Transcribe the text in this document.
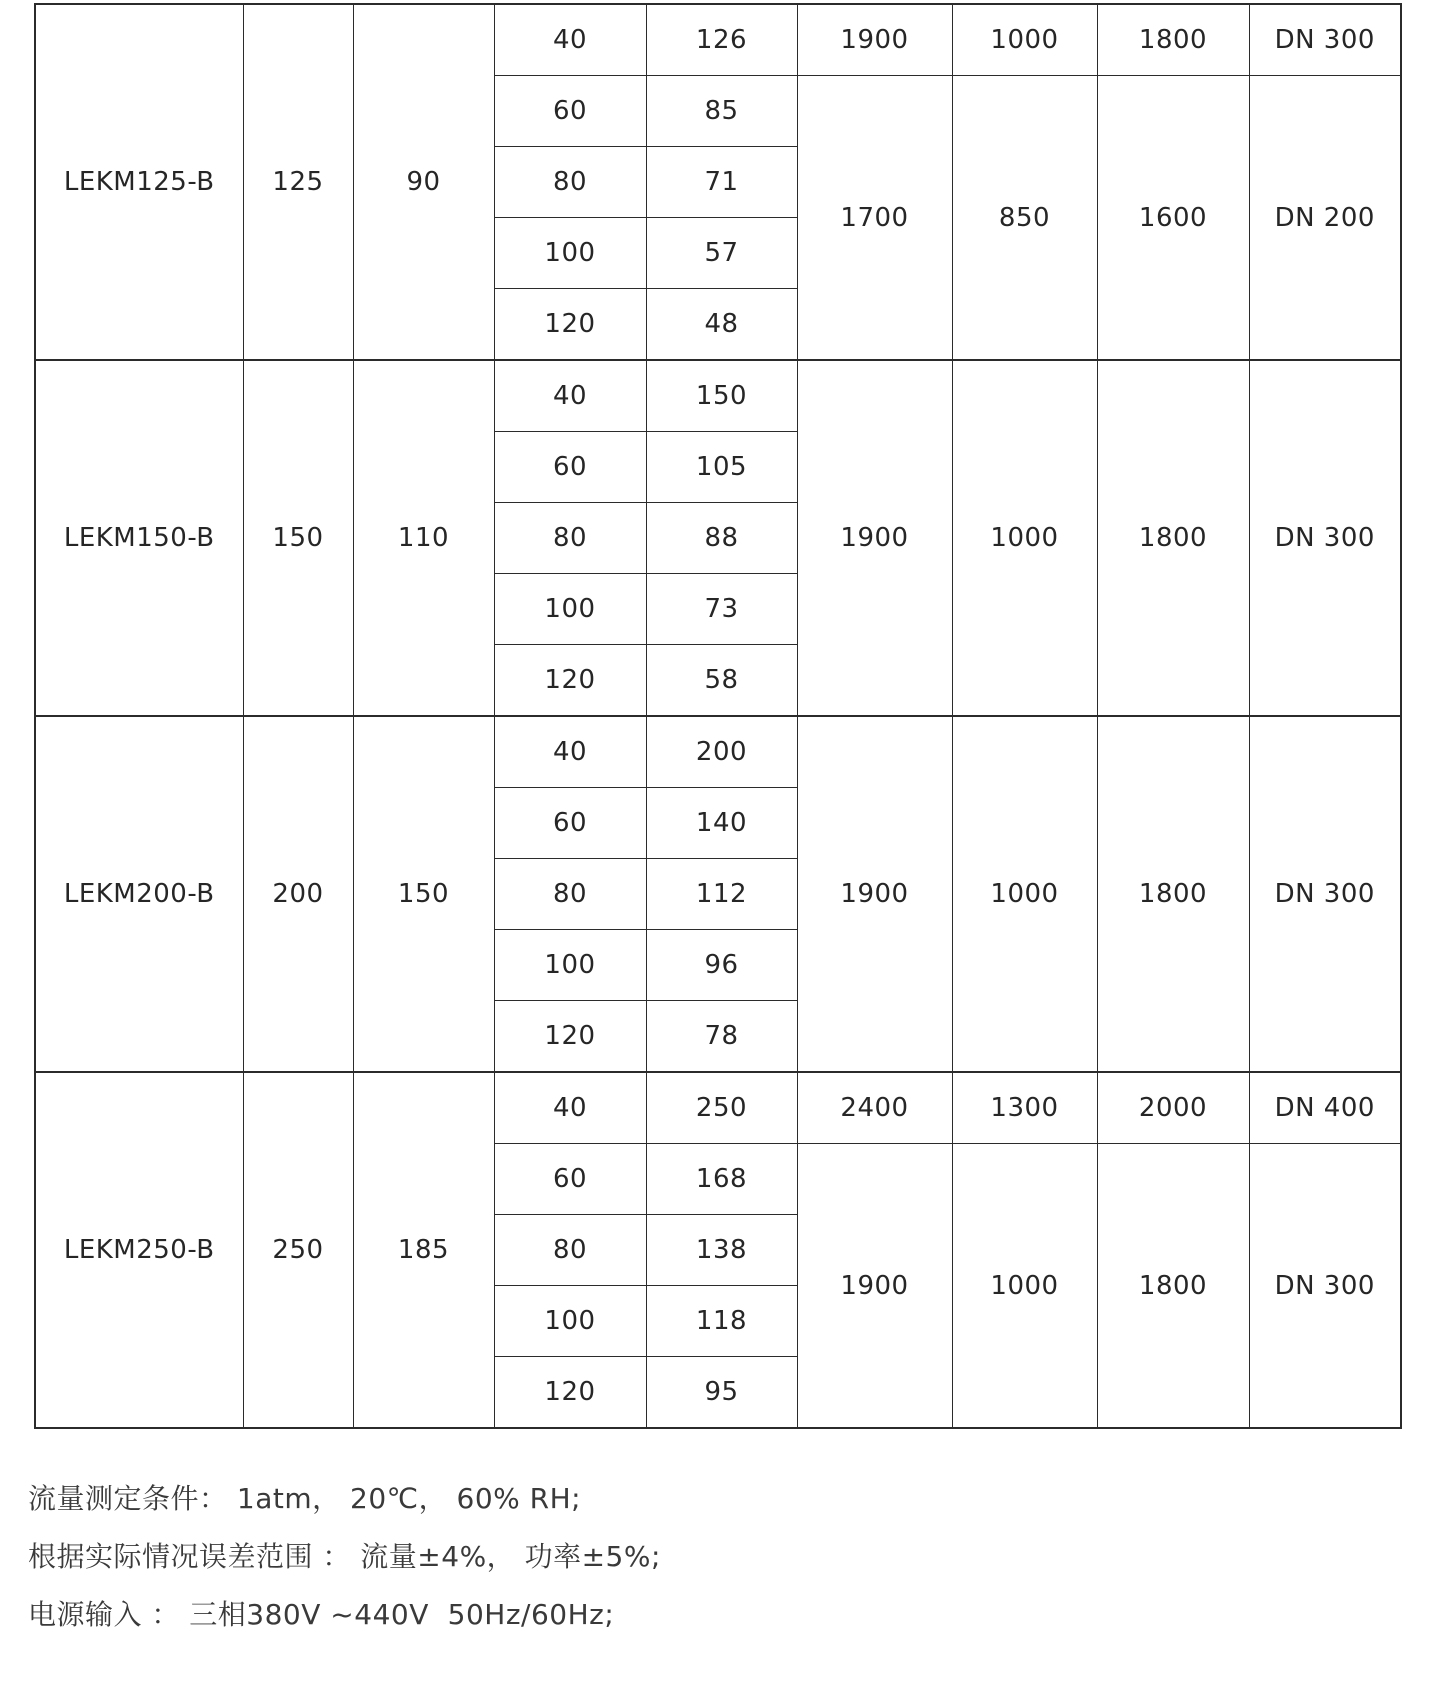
LEKM125-B	125	90	40	126	1900	1000	1800	DN 300
			60	85	1700	850	1600	DN 200
			80	71				
			100	57				
			120	48				
LEKM150-B	150	110	40	150	1900	1000	1800	DN 300
			60	105				
			80	88				
			100	73				
			120	58				
LEKM200-B	200	150	40	200	1900	1000	1800	DN 300
			60	140				
			80	112				
			100	96				
			120	78				
LEKM250-B	250	185	40	250	2400	1300	2000	DN 400
			60	168	1900	1000	1800	DN 300
			80	138				
			100	118				
			120	95				

流量测定条件： 1atm， 20℃， 60% RH;

根据实际情况误差范围 ： 流量±4%， 功率±5%;

电源输入 ： 三相380V ~440V  50Hz/60Hz;
